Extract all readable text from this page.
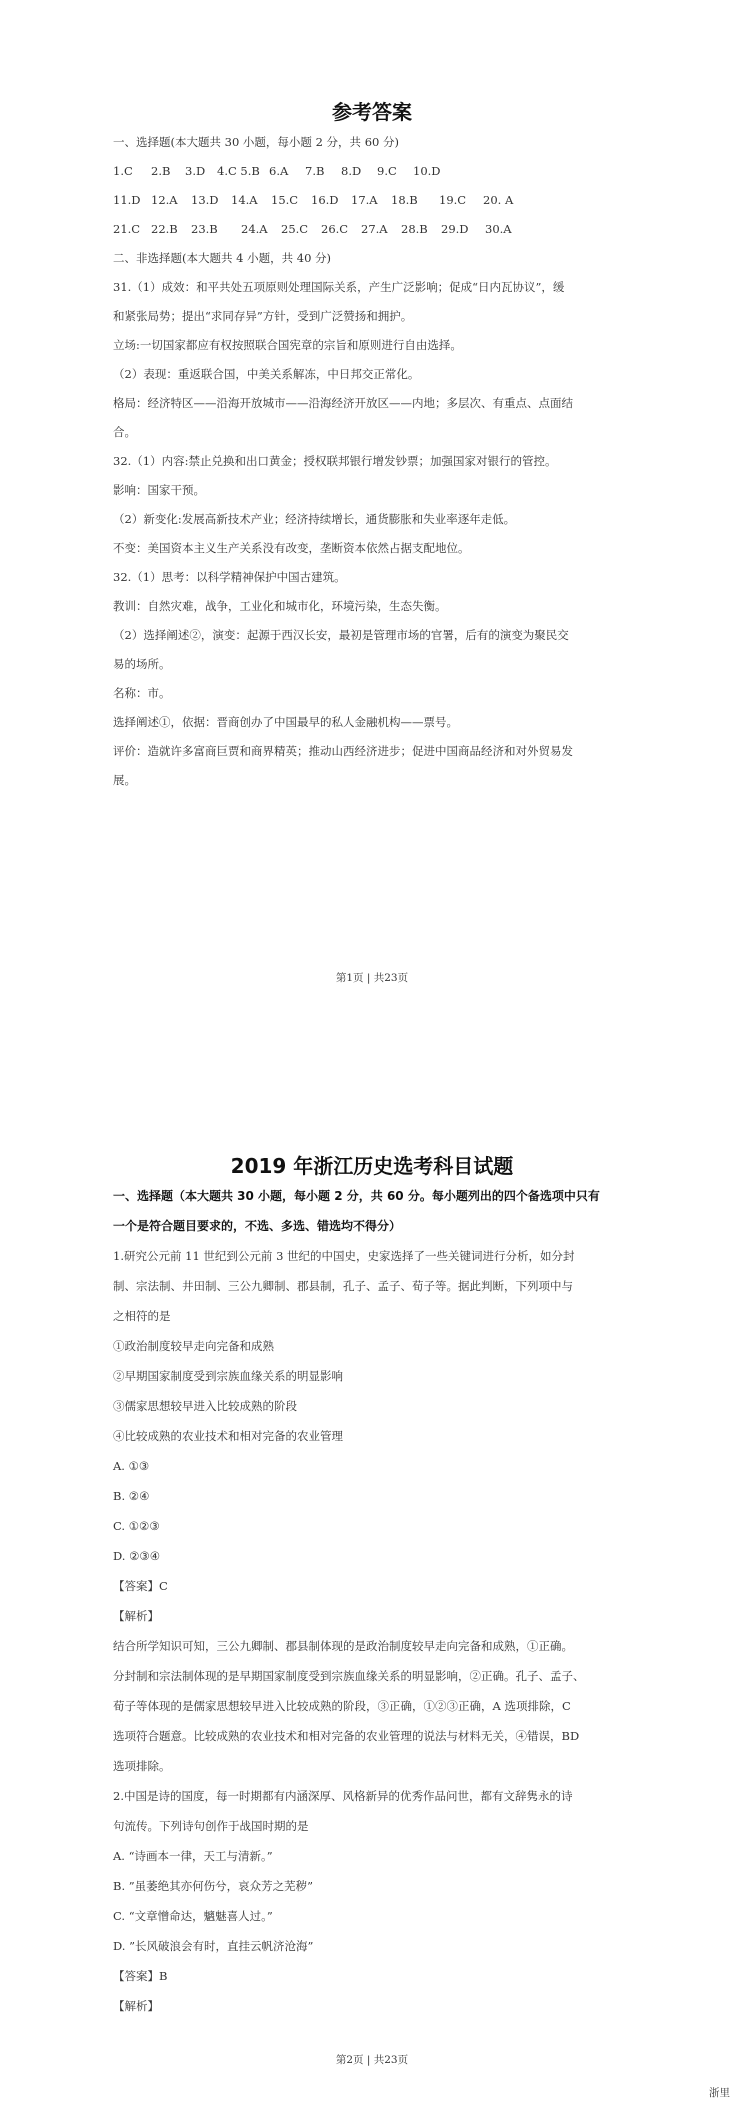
参考答案
一、选择题(本大题共 30 小题，每小题 2 分，共 60 分)
1.C 2.B 3.D 4.C 5.B 6.A 7.B 8.D 9.C 10.D
11.D 12.A 13.D 14.A 15.C 16.D 17.A 18.B 19.C 20. A
21.C 22.B 23.B 24.A 25.C 26.C 27.A 28.B 29.D 30.A
二、非选择题(本大题共 4 小题，共 40 分)
31.（1）成效：和平共处五项原则处理国际关系，产生广泛影响；促成“日内瓦协议”，缓
和紧张局势；提出“求同存异”方针，受到广泛赞扬和拥护。
立场:一切国家都应有权按照联合国宪章的宗旨和原则进行自由选择。
（2）表现：重返联合国，中美关系解冻，中日邦交正常化。
格局：经济特区——沿海开放城市——沿海经济开放区——内地；多层次、有重点、点面结
合。
32.（1）内容:禁止兑换和出口黄金；授权联邦银行增发钞票；加强国家对银行的管控。
影响：国家干预。
（2）新变化:发展高新技术产业；经济持续增长，通货膨胀和失业率逐年走低。
不变：美国资本主义生产关系没有改变，垄断资本依然占据支配地位。
32.（1）思考：以科学精神保护中国古建筑。
教训：自然灾难，战争，工业化和城市化，环境污染，生态失衡。
（2）选择阐述②，演变：起源于西汉长安，最初是管理市场的官署，后有的演变为聚民交
易的场所。
名称：市。
选择阐述①，依据：晋商创办了中国最早的私人金融机构——票号。
评价：造就许多富商巨贾和商界精英；推动山西经济进步；促进中国商品经济和对外贸易发
展。
第1页 | 共23页
2019 年浙江历史选考科目试题
一、选择题（本大题共 30 小题，每小题 2 分，共 60 分。每小题列出的四个备选项中只有
一个是符合题目要求的，不选、多选、错选均不得分）
1.研究公元前 11 世纪到公元前 3 世纪的中国史，史家选择了一些关键词进行分析，如分封
制、宗法制、井田制、三公九卿制、郡县制，孔子、孟子、荀子等。据此判断，下列项中与
之相符的是
①政治制度较早走向完备和成熟
②早期国家制度受到宗族血缘关系的明显影响
③儒家思想较早进入比较成熟的阶段
④比较成熟的农业技术和相对完备的农业管理
A. ①③
B. ②④
C. ①②③
D. ②③④
【答案】C
【解析】
结合所学知识可知，三公九卿制、郡县制体现的是政治制度较早走向完备和成熟，①正确。
分封制和宗法制体现的是早期国家制度受到宗族血缘关系的明显影响，②正确。孔子、孟子、
荀子等体现的是儒家思想较早进入比较成熟的阶段，③正确，①②③正确，A 选项排除，C
选项符合题意。比较成熟的农业技术和相对完备的农业管理的说法与材料无关，④错误，BD
选项排除。
2.中国是诗的国度，每一时期都有内涵深厚、风格新异的优秀作品问世，都有文辞隽永的诗
句流传。下列诗句创作于战国时期的是
A. “诗画本一律，天工与清新。”
B. ”虽萎绝其亦何伤兮，哀众芳之芜秽”
C. “文章憎命达，魑魅喜人过。”
D. ”长风破浪会有时，直挂云帆济沧海”
【答案】B
【解析】
第2页 | 共23页
浙里
